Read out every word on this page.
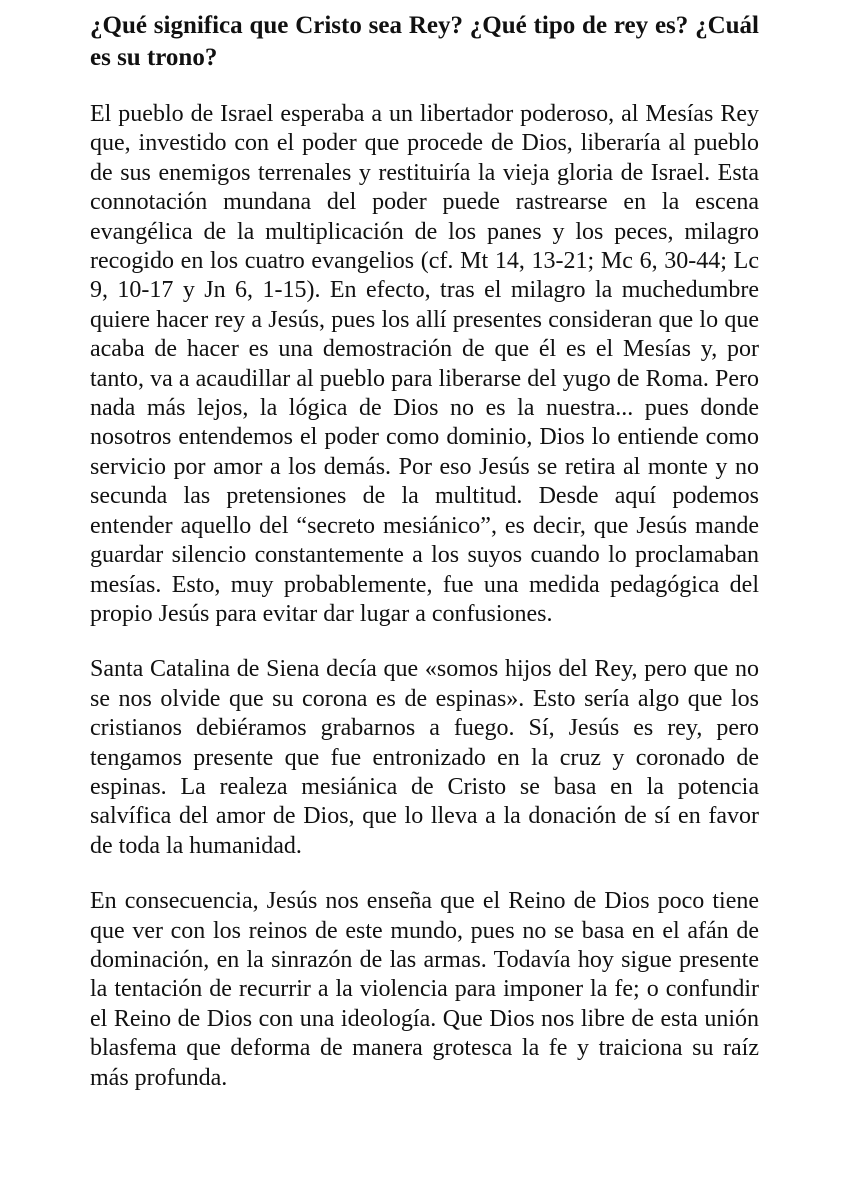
¿Qué significa que Cristo sea Rey? ¿Qué tipo de rey es? ¿Cuál es su trono?

El pueblo de Israel esperaba a un libertador poderoso, al Mesías Rey que, investido con el poder que procede de Dios, liberaría al pueblo de sus enemigos terrenales y restituiría la vieja gloria de Israel. Esta connotación mundana del poder puede rastrearse en la escena evangélica de la multiplicación de los panes y los peces, milagro recogido en los cuatro evangelios (cf. Mt 14, 13-21; Mc 6, 30-44; Lc 9, 10-17 y Jn 6, 1-15). En efecto, tras el milagro la muchedumbre quiere hacer rey a Jesús, pues los allí presentes consideran que lo que acaba de hacer es una demostración de que él es el Mesías y, por tanto, va a acaudillar al pueblo para liberarse del yugo de Roma. Pero nada más lejos, la lógica de Dios no es la nuestra... pues donde nosotros entendemos el poder como dominio, Dios lo entiende como servicio por amor a los demás. Por eso Jesús se retira al monte y no secunda las pretensiones de la multitud. Desde aquí podemos entender aquello del “secreto mesiánico”, es decir, que Jesús mande guardar silencio constantemente a los suyos cuando lo proclamaban mesías. Esto, muy probablemente, fue una medida pedagógica del propio Jesús para evitar dar lugar a confusiones.

Santa Catalina de Siena decía que «somos hijos del Rey, pero que no se nos olvide que su corona es de espinas». Esto sería algo que los cristianos debiéramos grabarnos a fuego. Sí, Jesús es rey, pero tengamos presente que fue entronizado en la cruz y coronado de espinas. La realeza mesiánica de Cristo se basa en la potencia salvífica del amor de Dios, que lo lleva a la donación de sí en favor de toda la humanidad.

En consecuencia, Jesús nos enseña que el Reino de Dios poco tiene que ver con los reinos de este mundo, pues no se basa en el afán de dominación, en la sinrazón de las armas. Todavía hoy sigue presente la tentación de recurrir a la violencia para imponer la fe; o confundir el Reino de Dios con una ideología. Que Dios nos libre de esta unión blasfema que deforma de manera grotesca la fe y traiciona su raíz más profunda.
